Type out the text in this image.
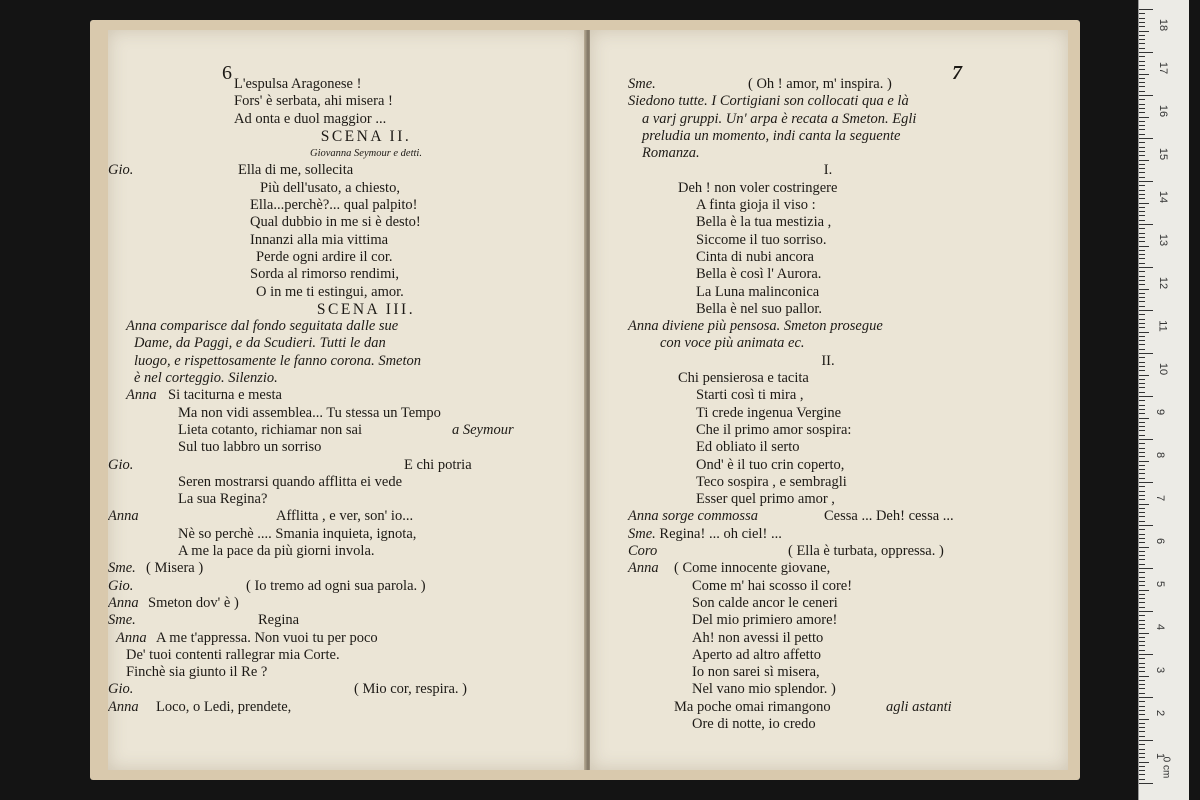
6 L'espulsa Aragonese !
Fors' è serbata, ahi misera !
Ad onta e duol maggior ...
SCENA II.
Giovanna Seymour e detti.
Gio.	Ella di me, sollecita
Più dell'usato, a chiesto,
Ella...perchè?... qual palpito!
Qual dubbio in me si è desto!
Innanzi alla mia vittima
Perde ogni ardire il cor.
Sorda al rimorso rendimi,
O in me ti estingui, amor.
SCENA III.
Anna comparisce dal fondo seguitata dalle sue
Dame, da Paggi, e da Scudieri. Tutti le dan
luogo, e rispettosamente le fanno corona. Smeton
è nel corteggio. Silenzio.
Anna Si taciturna e mesta
Ma non vidi assemblea... Tu stessa un Tempo
Lieta cotanto, richiamar non sai	a Seymour
Sul tuo labbro un sorriso
Gio.	E chi potria
Seren mostrarsi quando afflitta ei vede
La sua Regina?
Anna	Afflitta , e ver, son' io...
Nè so perchè .... Smania inquieta, ignota,
A me la pace da più giorni invola.
Sme. ( Misera )
Gio.	( Io tremo ad ogni sua parola. )
Anna Smeton dov' è )
Sme.	Regina
Anna A me t'appressa. Non vuoi tu per poco
De' tuoi contenti rallegrar mia Corte.
Finchè sia giunto il Re ?
Gio.	( Mio cor, respira. )
Anna Loco, o Ledi, prendete,
7
Sme.	( Oh ! amor, m' inspira. )
Siedono tutte. I Cortigiani son collocati qua e là
a varj gruppi. Un' arpa è recata a Smeton. Egli
preludia un momento, indi canta la seguente
Romanza.
I.
Deh ! non voler costringere
A finta gioja il viso :
Bella è la tua mestizia ,
Siccome il tuo sorriso.
Cinta di nubi ancora
Bella è così l' Aurora.
La Luna malinconica
Bella è nel suo pallor.
Anna diviene più pensosa. Smeton prosegue
con voce più animata ec.
II.
Chi pensierosa e tacita
Starti così ti mira ,
Ti crede ingenua Vergine
Che il primo amor sospira:
Ed obliato il serto
Ond' è il tuo crin coperto,
Teco sospira , e sembragli
Esser quel primo amor ,
Anna sorge commossa	Cessa ... Deh! cessa ...
Sme. Regina! ... oh ciel! ...
Coro	( Ella è turbata, oppressa. )
Anna ( Come innocente giovane,
Come m' hai scosso il core!
Son calde ancor le ceneri
Del mio primiero amore!
Ah! non avessi il petto
Aperto ad altro affetto
Io non sarei sì misera,
Nel vano mio splendor. )
Ma poche omai rimangono	agli astanti
Ore di notte, io credo
0 cm
1
2
3
4
5
6
7
8
9
10
11
12
13
14
15
16
17
18
